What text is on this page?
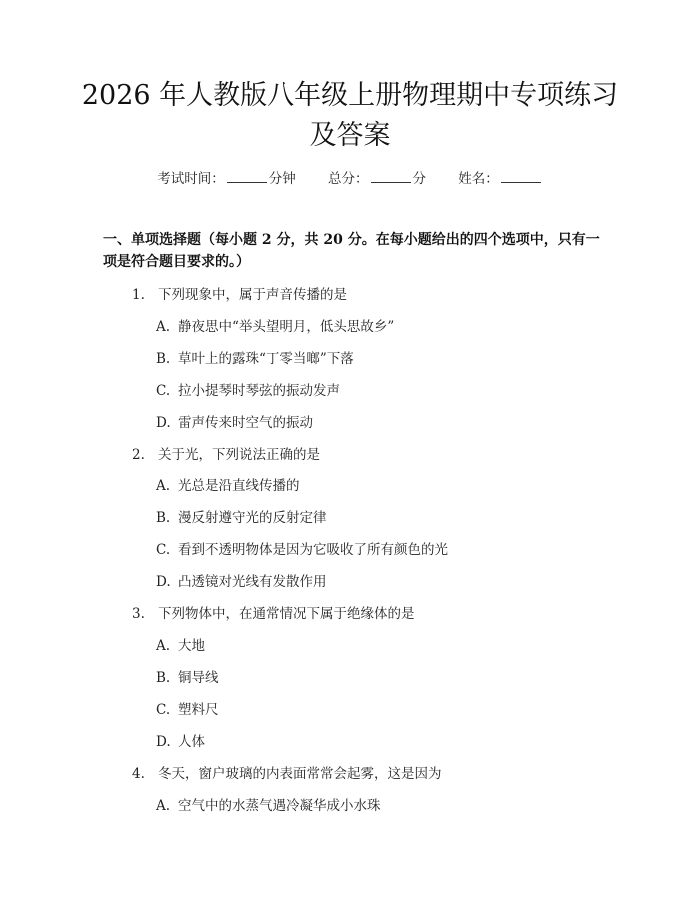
2026 年人教版八年级上册物理期中专项练习
及答案
考试时间：	分钟 总分：	分 姓名：

一、单项选择题（每小题 2 分，共 20 分。在每小题给出的四个选项中，只有一项是符合题目要求的。）

1. 下列现象中，属于声音传播的是
A. 静夜思中“举头望明月，低头思故乡”
B. 草叶上的露珠“丁零当啷”下落
C. 拉小提琴时琴弦的振动发声
D. 雷声传来时空气的振动
2. 关于光，下列说法正确的是
A. 光总是沿直线传播的
B. 漫反射遵守光的反射定律
C. 看到不透明物体是因为它吸收了所有颜色的光
D. 凸透镜对光线有发散作用
3. 下列物体中，在通常情况下属于绝缘体的是
A. 大地
B. 铜导线
C. 塑料尺
D. 人体
4. 冬天，窗户玻璃的内表面常常会起雾，这是因为
A. 空气中的水蒸气遇冷凝华成小水珠
